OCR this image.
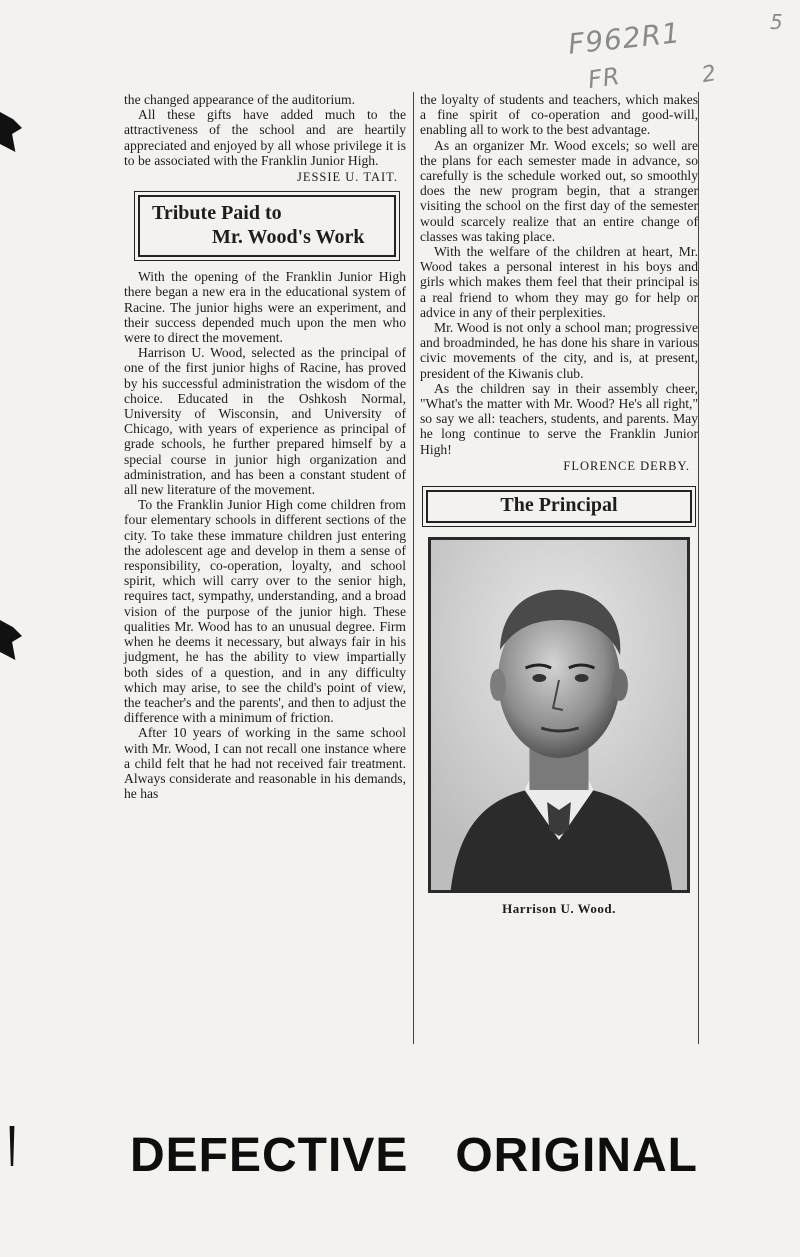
F962R1
FR	2
5

the changed appearance of the auditorium.

All these gifts have added much to the attractiveness of the school and are heartily appreciated and enjoyed by all whose privilege it is to be associated with the Franklin Junior High.

JESSIE U. TAIT.

Tribute Paid to
Mr. Wood's Work

With the opening of the Franklin Junior High there began a new era in the educational system of Racine. The junior highs were an experiment, and their success depended much upon the men who were to direct the movement.

Harrison U. Wood, selected as the principal of one of the first junior highs of Racine, has proved by his successful administration the wisdom of the choice. Educated in the Oshkosh Normal, University of Wisconsin, and University of Chicago, with years of experience as principal of grade schools, he further prepared himself by a special course in junior high organization and administration, and has been a constant student of all new literature of the movement.

To the Franklin Junior High come children from four elementary schools in different sections of the city. To take these immature children just entering the adolescent age and develop in them a sense of responsibility, co-operation, loyalty, and school spirit, which will carry over to the senior high, requires tact, sympathy, understanding, and a broad vision of the purpose of the junior high. These qualities Mr. Wood has to an unusual degree. Firm when he deems it necessary, but always fair in his judgment, he has the ability to view impartially both sides of a question, and in any difficulty which may arise, to see the child's point of view, the teacher's and the parents', and then to adjust the difference with a minimum of friction.

After 10 years of working in the same school with Mr. Wood, I can not recall one instance where a child felt that he had not received fair treatment. Always considerate and reasonable in his demands, he has

the loyalty of students and teachers, which makes a fine spirit of co-operation and good-will, enabling all to work to the best advantage.

As an organizer Mr. Wood excels; so well are the plans for each semester made in advance, so carefully is the schedule worked out, so smoothly does the new program begin, that a stranger visiting the school on the first day of the semester would scarcely realize that an entire change of classes was taking place.

With the welfare of the children at heart, Mr. Wood takes a personal interest in his boys and girls which makes them feel that their principal is a real friend to whom they may go for help or advice in any of their perplexities.

Mr. Wood is not only a school man; progressive and broadminded, he has done his share in various civic movements of the city, and is, at present, president of the Kiwanis club.

As the children say in their assembly cheer, "What's the matter with Mr. Wood? He's all right," so say we all: teachers, students, and parents. May he long continue to serve the Franklin Junior High!

FLORENCE DERBY.

The Principal
Harrison U. Wood.
DEFECTIVE ORIGINAL
